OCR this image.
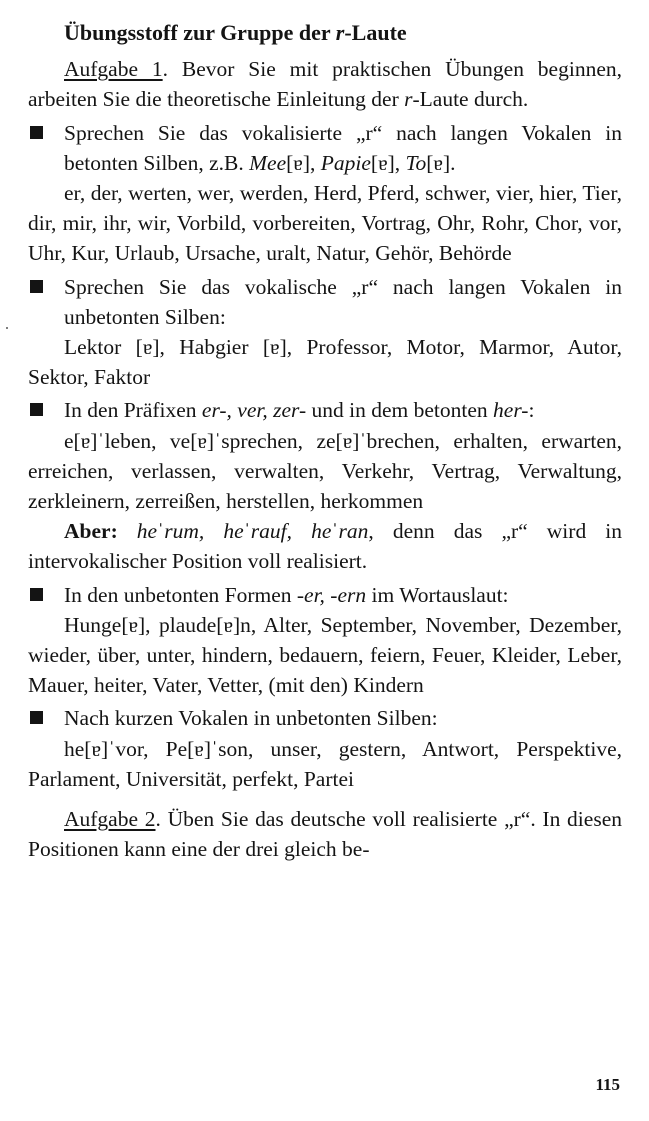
Übungsstoff zur Gruppe der r-Laute

Aufgabe 1. Bevor Sie mit praktischen Übungen beginnen, arbeiten Sie die theoretische Einleitung der r-Laute durch.

Sprechen Sie das vokalisierte „r“ nach langen Vokalen in betonten Silben, z.B. Mee[ɐ], Papie[ɐ], To[ɐ].

er, der, werten, wer, werden, Herd, Pferd, schwer, vier, hier, Tier, dir, mir, ihr, wir, Vorbild, vorbereiten, Vortrag, Ohr, Rohr, Chor, vor, Uhr, Kur, Urlaub, Ursache, uralt, Natur, Gehör, Behörde

Sprechen Sie das vokalische „r“ nach langen Vokalen in unbetonten Silben:

Lektor [ɐ], Habgier [ɐ], Professor, Motor, Marmor, Autor, Sektor, Faktor

In den Präfixen er-, ver, zer- und in dem betonten her-:

e[ɐ]ˈleben, ve[ɐ]ˈsprechen, ze[ɐ]ˈbrechen, erhalten, erwarten, erreichen, verlassen, verwalten, Verkehr, Vertrag, Verwaltung, zerkleinern, zerreißen, herstellen, herkommen

Aber: heˈrum, heˈrauf, heˈran, denn das „r“ wird in intervokalischer Position voll realisiert.

In den unbetonten Formen -er, -ern im Wortauslaut:

Hunge[ɐ], plaude[ɐ]n, Alter, September, November, Dezember, wieder, über, unter, hindern, bedauern, feiern, Feuer, Kleider, Leber, Mauer, heiter, Vater, Vetter, (mit den) Kindern

Nach kurzen Vokalen in unbetonten Silben:

he[ɐ]ˈvor, Pe[ɐ]ˈson, unser, gestern, Antwort, Perspektive, Parlament, Universität, perfekt, Partei

Aufgabe 2. Üben Sie das deutsche voll realisierte „r“. In diesen Positionen kann eine der drei gleich be-

115
